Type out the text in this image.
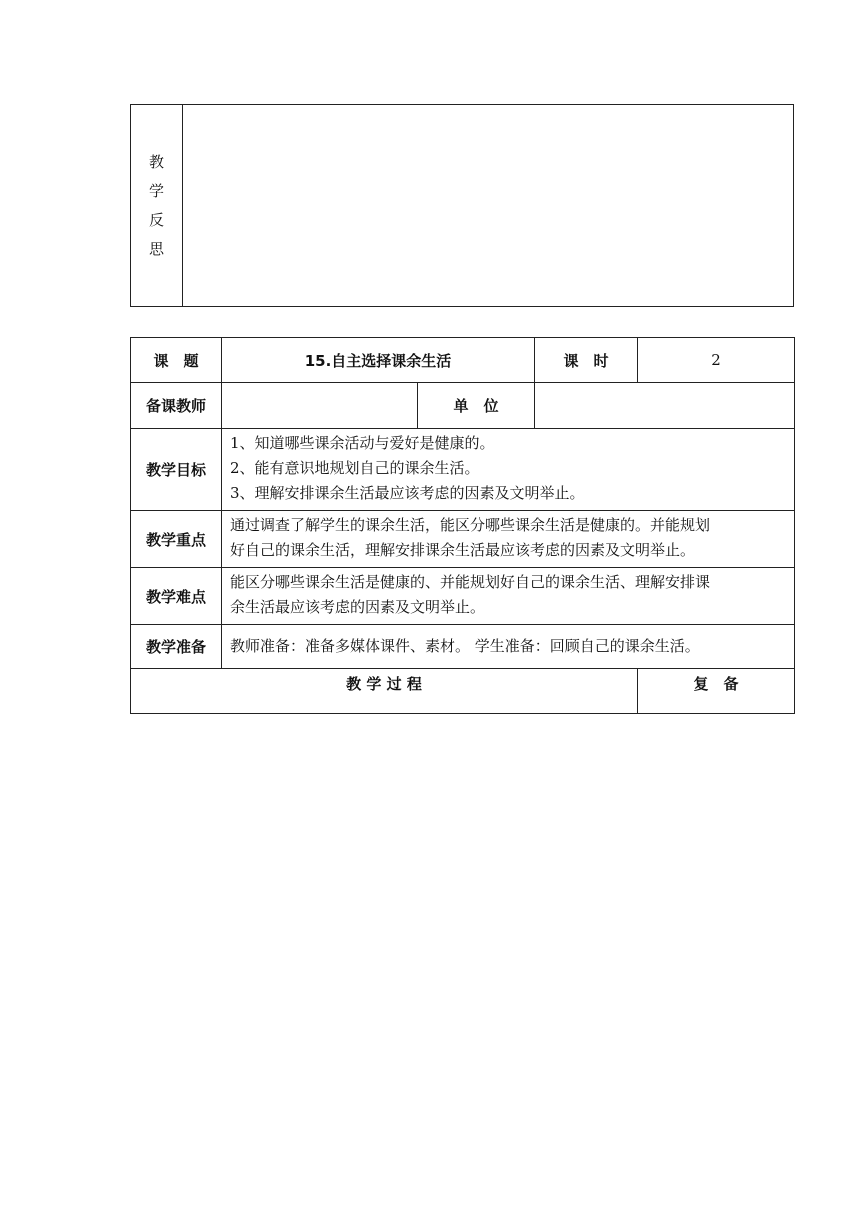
教
学
反
思

课　题	15.自主选择课余生活		课　时	2
备课教师		单　位		
教学目标	1、知道哪些课余活动与爱好是健康的。
2、能有意识地规划自己的课余生活。
3、理解安排课余生活最应该考虑的因素及文明举止。			

教学重点	通过调查了解学生的课余生活，能区分哪些课余生活是健康的。并能规划
好自己的课余生活，理解安排课余生活最应该考虑的因素及文明举止。			

教学难点	能区分哪些课余生活是健康的、并能规划好自己的课余生活、理解安排课
余生活最应该考虑的因素及文明举止。			

教学准备	教师准备：准备多媒体课件、素材。 学生准备：回顾自己的课余生活。			
教 学 过 程				复　备
